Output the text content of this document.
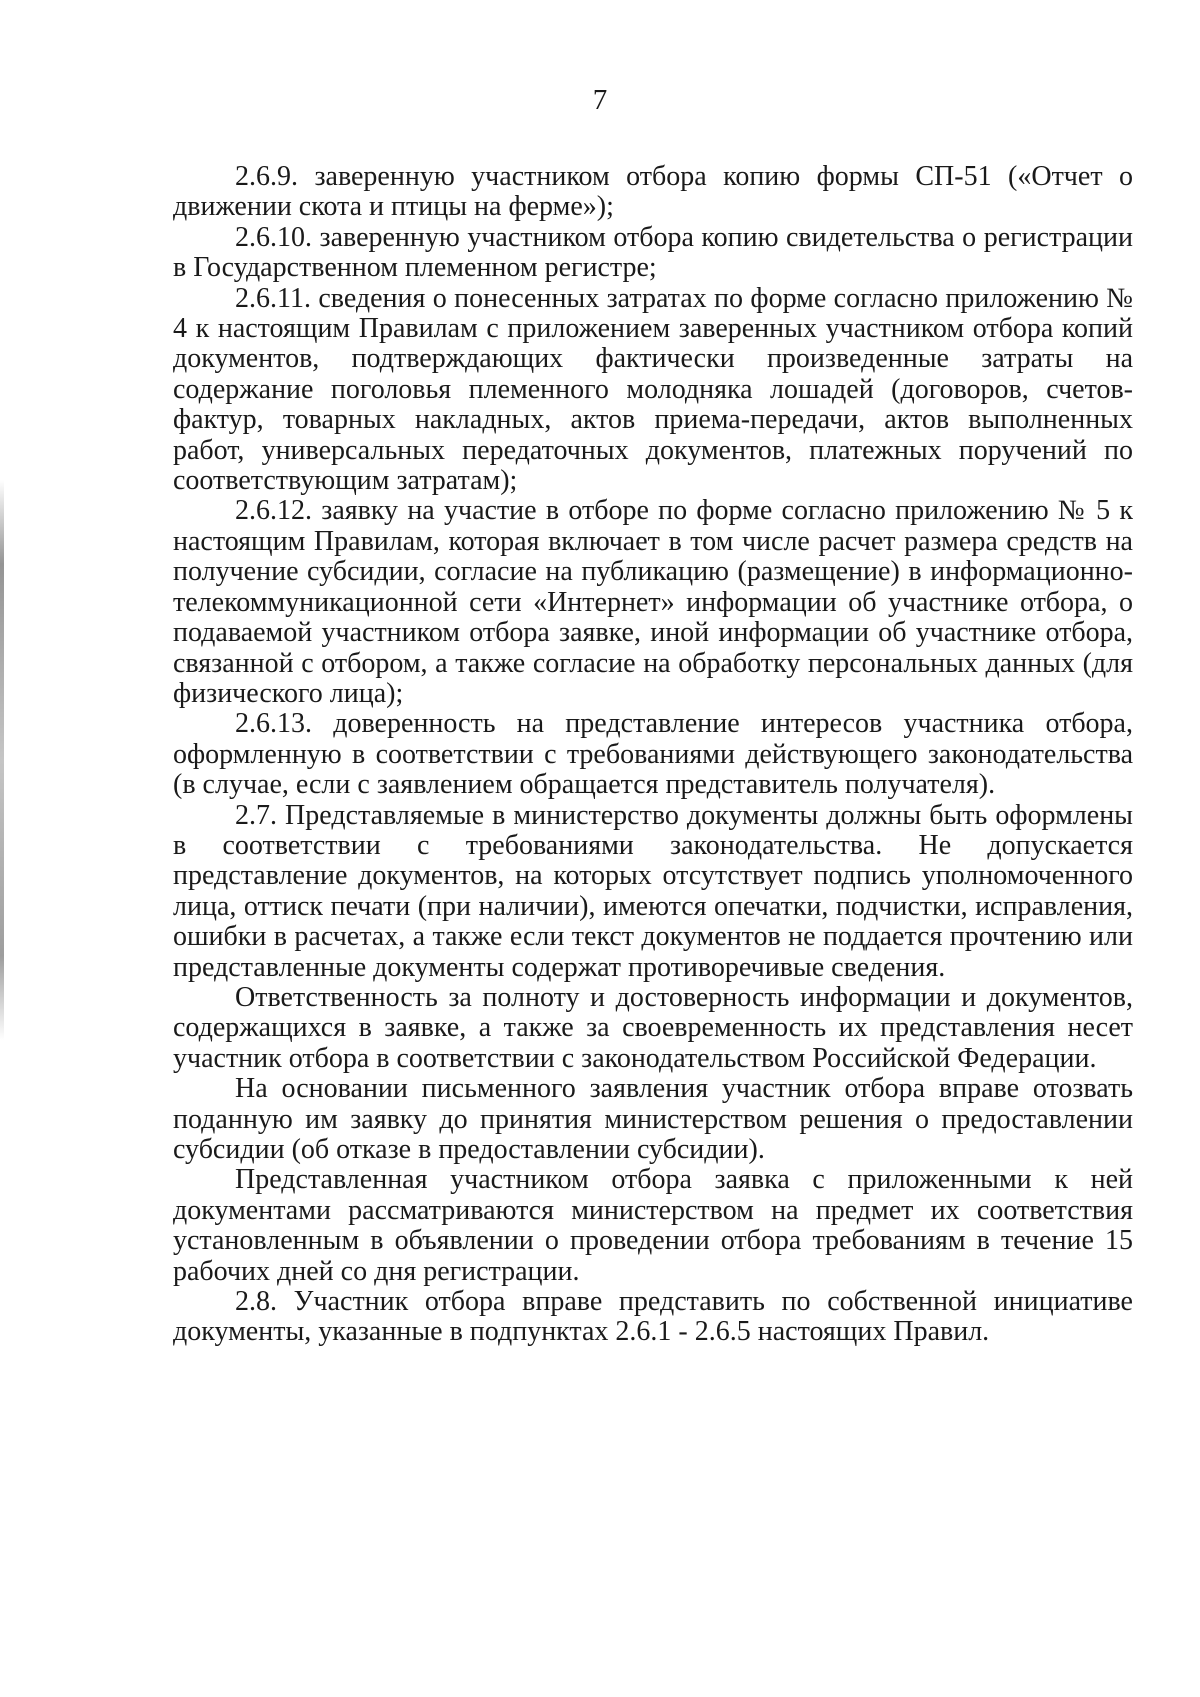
7

2.6.9. заверенную участником отбора копию формы СП-51 («Отчет о движении скота и птицы на ферме»);

2.6.10. заверенную участником отбора копию свидетельства о регистрации в Государственном племенном регистре;

2.6.11. сведения о понесенных затратах по форме согласно приложению № 4 к настоящим Правилам с приложением заверенных участником отбора копий документов, подтверждающих фактически произведенные затраты на содержание поголовья племенного молодняка лошадей (договоров, счетов-фактур, товарных накладных, актов приема-передачи, актов выполненных работ, универсальных передаточных документов, платежных поручений по соответствующим затратам);

2.6.12. заявку на участие в отборе по форме согласно приложению № 5 к настоящим Правилам, которая включает в том числе расчет размера средств на получение субсидии, согласие на публикацию (размещение) в информационно-телекоммуникационной сети «Интернет» информации об участнике отбора, о подаваемой участником отбора заявке, иной информации об участнике отбора, связанной с отбором, а также согласие на обработку персональных данных (для физического лица);

2.6.13. доверенность на представление интересов участника отбора, оформленную в соответствии с требованиями действующего законодательства (в случае, если с заявлением обращается представитель получателя).

2.7. Представляемые в министерство документы должны быть оформлены в соответствии с требованиями законодательства. Не допускается представление документов, на которых отсутствует подпись уполномоченного лица, оттиск печати (при наличии), имеются опечатки, подчистки, исправления, ошибки в расчетах, а также если текст документов не поддается прочтению или представленные документы содержат противоречивые сведения.

Ответственность за полноту и достоверность информации и документов, содержащихся в заявке, а также за своевременность их представления несет участник отбора в соответствии с законодательством Российской Федерации.

На основании письменного заявления участник отбора вправе отозвать поданную им заявку до принятия министерством решения о предоставлении субсидии (об отказе в предоставлении субсидии).

Представленная участником отбора заявка с приложенными к ней документами рассматриваются министерством на предмет их соответствия установленным в объявлении о проведении отбора требованиям в течение 15 рабочих дней со дня регистрации.

2.8. Участник отбора вправе представить по собственной инициативе документы, указанные в подпунктах 2.6.1 - 2.6.5 настоящих Правил.
